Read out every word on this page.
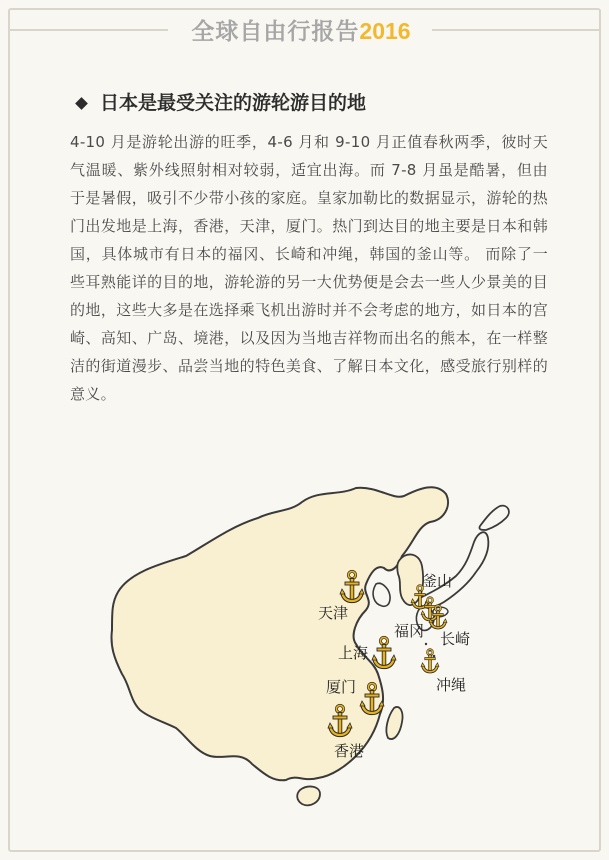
全球自由行报告2016
日本是最受关注的游轮游目的地
4-10 月是游轮出游的旺季，4-6 月和 9-10 月正值春秋两季，彼时天气温暖、紫外线照射相对较弱，适宜出海。而 7-8 月虽是酷暑，但由于是暑假，吸引不少带小孩的家庭。皇家加勒比的数据显示，游轮的热门出发地是上海，香港，天津，厦门。热门到达目的地主要是日本和韩国，具体城市有日本的福冈、长崎和冲绳，韩国的釜山等。 而除了一些耳熟能详的目的地，游轮游的另一大优势便是会去一些人少景美的目的地，这些大多是在选择乘飞机出游时并不会考虑的地方，如日本的宫崎、高知、广岛、境港，以及因为当地吉祥物而出名的熊本，在一样整洁的街道漫步、品尝当地的特色美食、了解日本文化，感受旅行别样的意义。
天津
上海
厦门
香港
釜山
福冈 长崎
冲绳
